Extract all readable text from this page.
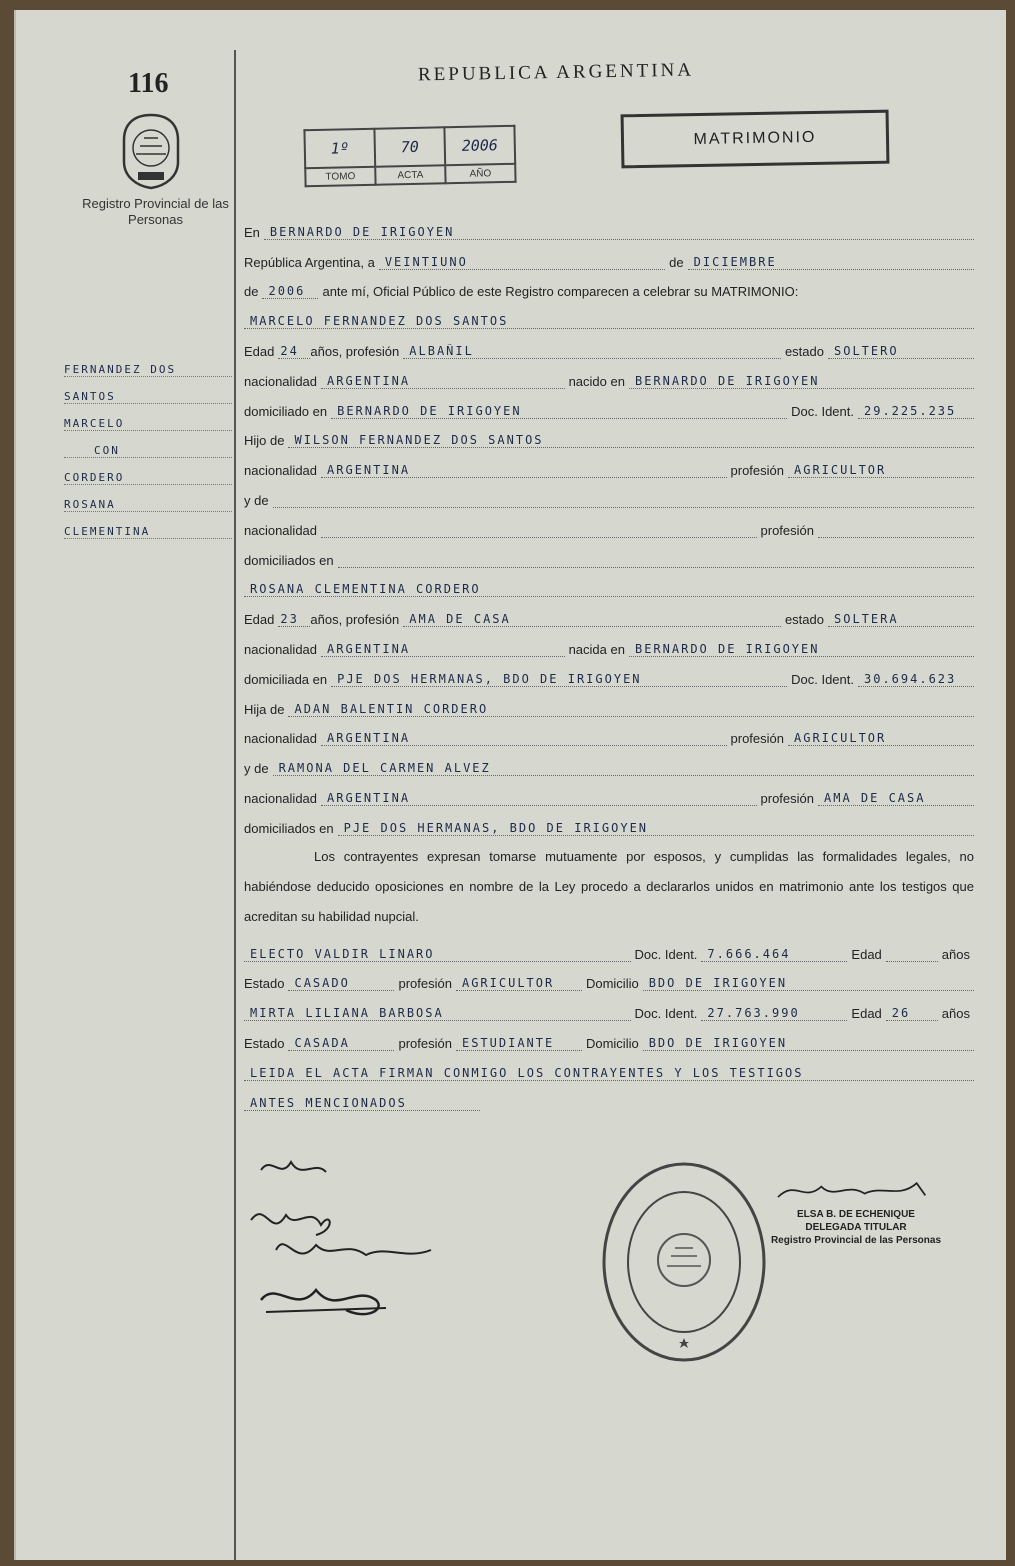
116
Registro Provincial de las Personas
REPUBLICA ARGENTINA
MATRIMONIO
1º	70	2006
TOMO	ACTA	AÑO
FERNANDEZ DOS
SANTOS
MARCELO
CON
CORDERO
ROSANA
CLEMENTINA
En BERNARDO DE IRIGOYEN
República Argentina, a VEINTIUNO	de DICIEMBRE
de 2006	ante mí, Oficial Público de este Registro comparecen a celebrar su MATRIMONIO:
MARCELO FERNANDEZ DOS SANTOS
Edad 24 años, profesión ALBAÑIL	estado SOLTERO
nacionalidad ARGENTINA	nacido en BERNARDO DE IRIGOYEN
domiciliado en BERNARDO DE IRIGOYEN	Doc. Ident. 29.225.235
Hijo de WILSON FERNANDEZ DOS SANTOS
nacionalidad ARGENTINA	profesión AGRICULTOR
y de
nacionalidad	profesión
domiciliados en
ROSANA CLEMENTINA CORDERO
Edad 23 años, profesión AMA DE CASA	estado SOLTERA
nacionalidad ARGENTINA	nacida en BERNARDO DE IRIGOYEN
domiciliada en PJE DOS HERMANAS, BDO DE IRIGOYEN	Doc. Ident. 30.694.623
Hija de ADAN BALENTIN CORDERO
nacionalidad ARGENTINA	profesión AGRICULTOR
y de RAMONA DEL CARMEN ALVEZ
nacionalidad ARGENTINA	profesión AMA DE CASA
domiciliados en PJE DOS HERMANAS, BDO DE IRIGOYEN

Los contrayentes expresan tomarse mutuamente por esposos, y cumplidas las formalidades legales, no habiéndose deducido oposiciones en nombre de la Ley procedo a declararlos unidos en matrimonio ante los testigos que acreditan su habilidad nupcial.

ELECTO VALDIR LINARO	Doc. Ident. 7.666.464	Edad	años
Estado CASADO	profesión AGRICULTOR	Domicilio BDO DE IRIGOYEN
MIRTA LILIANA BARBOSA	Doc. Ident. 27.763.990	Edad 26	años
Estado CASADA	profesión ESTUDIANTE	Domicilio BDO DE IRIGOYEN
LEIDA EL ACTA FIRMAN CONMIGO LOS CONTRAYENTES Y LOS TESTIGOS
ANTES MENCIONADOS
ELSA B. DE ECHENIQUE
DELEGADA TITULAR
Registro Provincial de las Personas
